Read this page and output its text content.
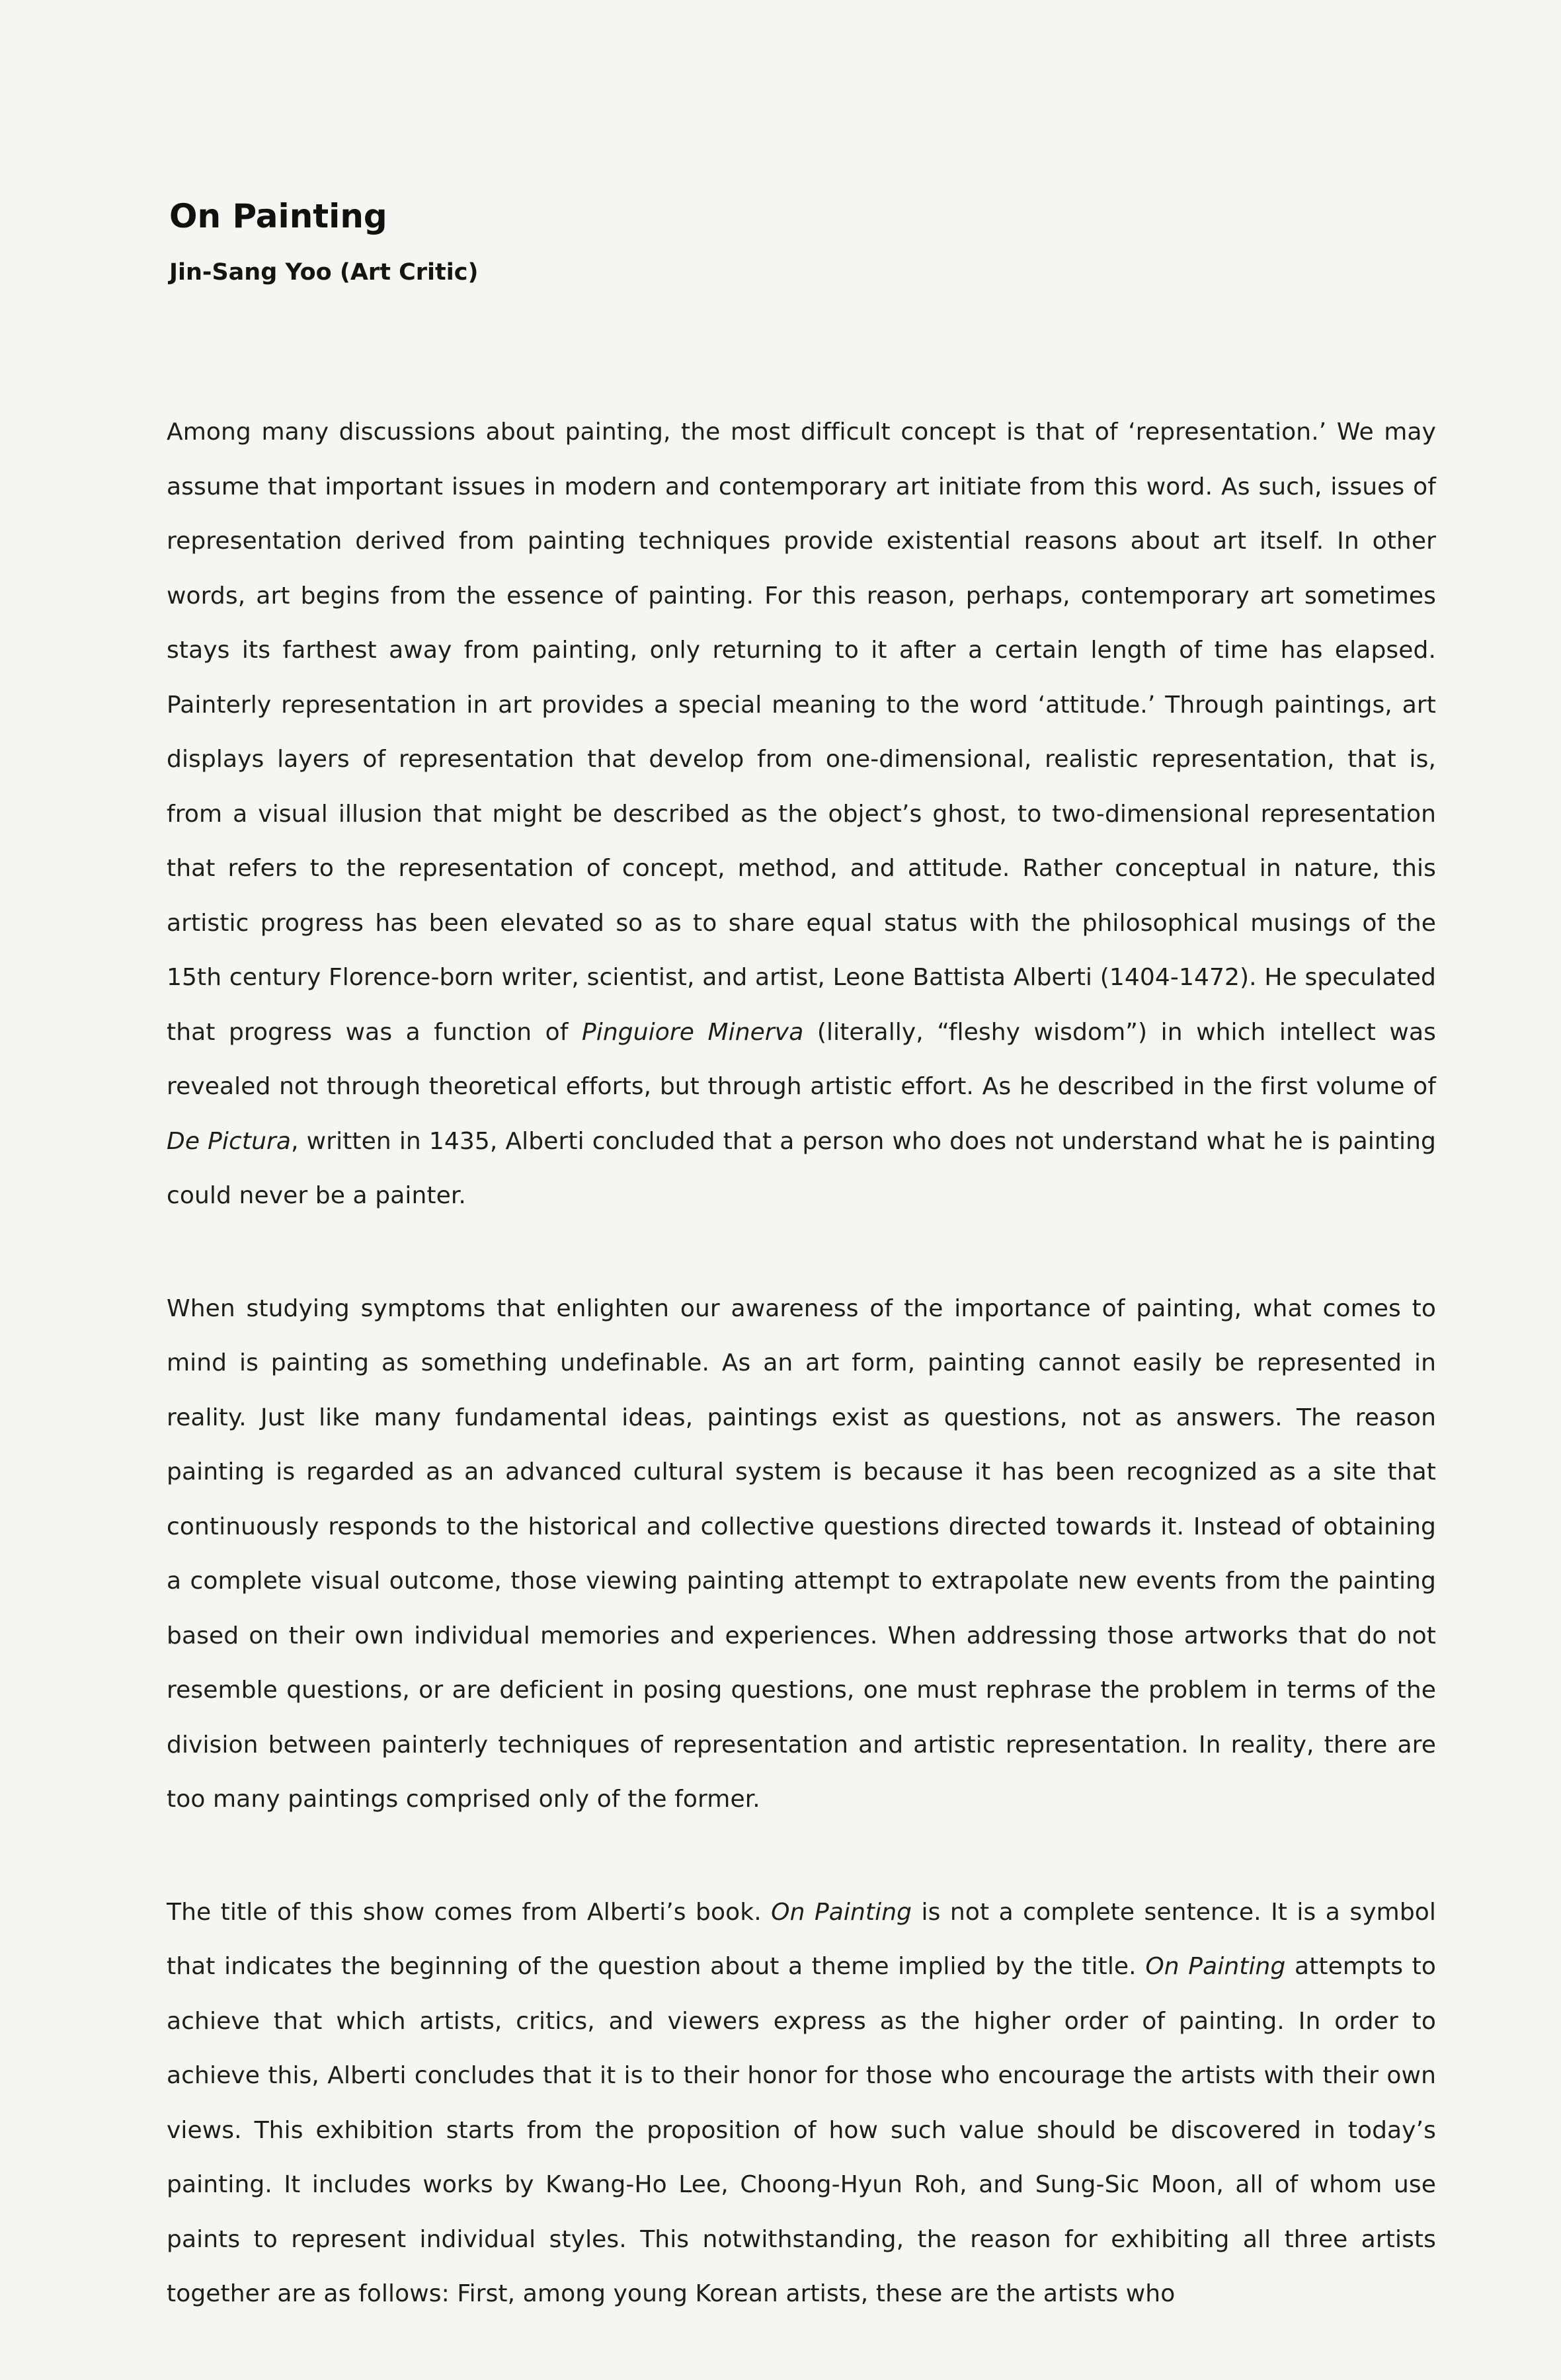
On Painting
Jin-Sang Yoo (Art Critic)

Among many discussions about painting, the most difficult concept is that of ‘representation.’ We may assume that important issues in modern and contemporary art initiate from this word. As such, issues of representation derived from painting techniques provide existential reasons about art itself. In other words, art begins from the essence of painting. For this reason, perhaps, contemporary art sometimes stays its farthest away from painting, only returning to it after a certain length of time has elapsed. Painterly representation in art provides a special meaning to the word ‘attitude.’ Through paintings, art displays layers of representation that develop from one-dimensional, realistic representation, that is, from a visual illusion that might be described as the object’s ghost, to two-dimensional representation that refers to the representation of concept, method, and attitude. Rather conceptual in nature, this artistic progress has been elevated so as to share equal status with the philosophical musings of the 15th century Florence-born writer, scientist, and artist, Leone Battista Alberti (1404-1472). He speculated that progress was a function of Pinguiore Minerva (literally, “fleshy wisdom”) in which intellect was revealed not through theoretical efforts, but through artistic effort. As he described in the first volume of De Pictura, written in 1435, Alberti concluded that a person who does not understand what he is painting could never be a painter.

When studying symptoms that enlighten our awareness of the importance of painting, what comes to mind is painting as something undefinable. As an art form, painting cannot easily be represented in reality. Just like many fundamental ideas, paintings exist as questions, not as answers. The reason painting is regarded as an advanced cultural system is because it has been recognized as a site that continuously responds to the historical and collective questions directed towards it. Instead of obtaining a complete visual outcome, those viewing painting attempt to extrapolate new events from the painting based on their own individual memories and experiences. When addressing those artworks that do not resemble questions, or are deficient in posing questions, one must rephrase the problem in terms of the division between painterly techniques of representation and artistic representation. In reality, there are too many paintings comprised only of the former.

The title of this show comes from Alberti’s book. On Painting is not a complete sentence. It is a symbol that indicates the beginning of the question about a theme implied by the title. On Painting attempts to achieve that which artists, critics, and viewers express as the higher order of painting. In order to achieve this, Alberti concludes that it is to their honor for those who encourage the artists with their own views. This exhibition starts from the proposition of how such value should be discovered in today’s painting. It includes works by Kwang-Ho Lee, Choong-Hyun Roh, and Sung-Sic Moon, all of whom use paints to represent individual styles. This notwithstanding, the reason for exhibiting all three artists together are as follows: First, among young Korean artists, these are the artists who
